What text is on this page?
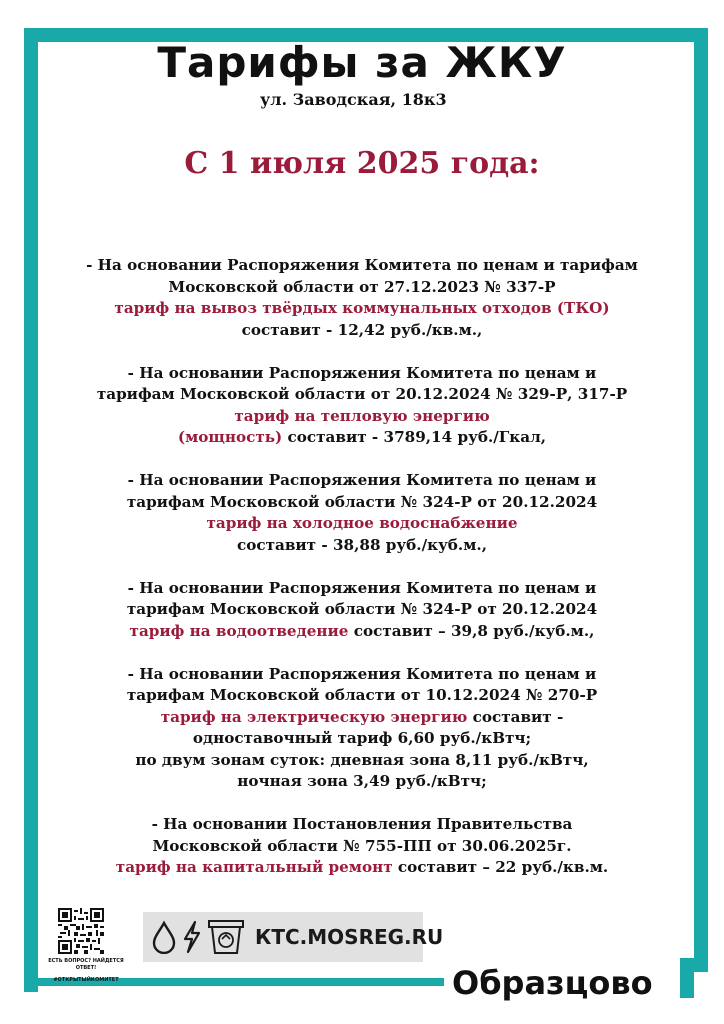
Тарифы за ЖКУ
ул. Заводская, 18к3
С 1 июля 2025 года:
- На основании Распоряжения Комитета по ценам и тарифам
Московской области от 27.12.2023 № 337-Р
тариф на вывоз твёрдых коммунальных отходов (ТКО)
составит - 12,42 руб./кв.м.,
- На основании Распоряжения Комитета по ценам и
тарифам Московской области от 20.12.2024 № 329-Р, 317-Р
тариф на тепловую энергию
(мощность) составит - 3789,14 руб./Гкал,
- На основании Распоряжения Комитета по ценам и
тарифам Московской области № 324-Р от 20.12.2024
тариф на холодное водоснабжение
составит - 38,88 руб./куб.м.,
- На основании Распоряжения Комитета по ценам и
тарифам Московской области № 324-Р от 20.12.2024
тариф на водоотведение составит – 39,8 руб./куб.м.,
- На основании Распоряжения Комитета по ценам и
тарифам Московской области от 10.12.2024 № 270-Р
тариф на электрическую энергию составит -
одноставочный тариф 6,60 руб./кВтч;
по двум зонам суток: дневная зона 8,11 руб./кВтч,
ночная зона 3,49 руб./кВтч;
- На основании Постановления Правительства
Московской области № 755-ПП от 30.06.2025г.
тариф на капитальный ремонт составит – 22 руб./кв.м.
ЕСТЬ ВОПРОС? НАЙДЕТСЯ ОТВЕТ!
#ОТКРЫТЫЙКОМИТЕТ
КТС.MOSREG.RU
Образцово
